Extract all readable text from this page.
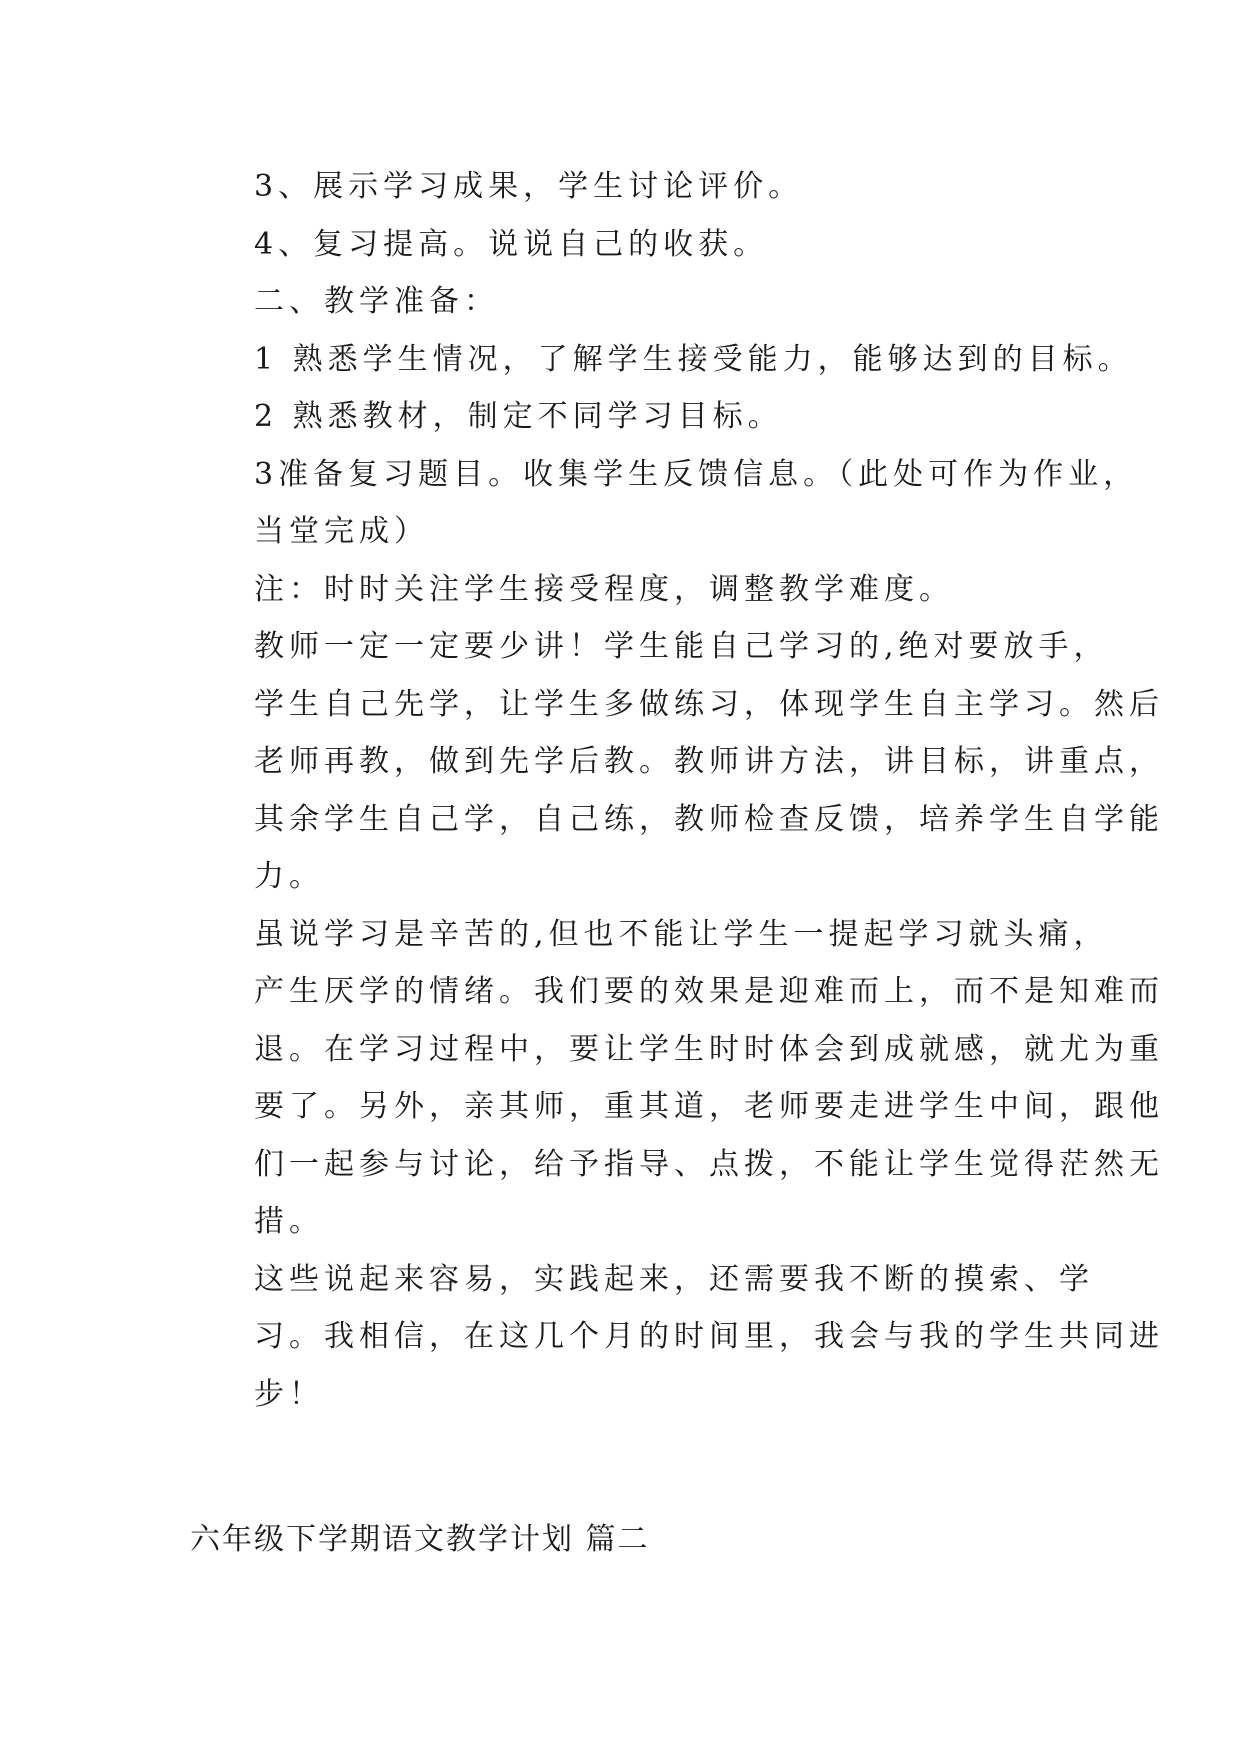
3、展示学习成果，学生讨论评价。

4、复习提高。说说自己的收获。

二、教学准备：

1 熟悉学生情况，了解学生接受能力，能够达到的目标。

2 熟悉教材，制定不同学习目标。

3准备复习题目。收集学生反馈信息。（此处可作为作业，
当堂完成）

注：时时关注学生接受程度，调整教学难度。

教师一定一定要少讲！学生能自己学习的,绝对要放手，
学生自己先学，让学生多做练习，体现学生自主学习。然后
老师再教，做到先学后教。教师讲方法，讲目标，讲重点，
其余学生自己学，自己练，教师检查反馈，培养学生自学能
力。

虽说学习是辛苦的,但也不能让学生一提起学习就头痛，
产生厌学的情绪。我们要的效果是迎难而上，而不是知难而
退。在学习过程中，要让学生时时体会到成就感，就尤为重
要了。另外，亲其师，重其道，老师要走进学生中间，跟他
们一起参与讨论，给予指导、点拨，不能让学生觉得茫然无
措。

这些说起来容易，实践起来，还需要我不断的摸索、学
习。我相信，在这几个月的时间里，我会与我的学生共同进
步！

六年级下学期语文教学计划 篇二
